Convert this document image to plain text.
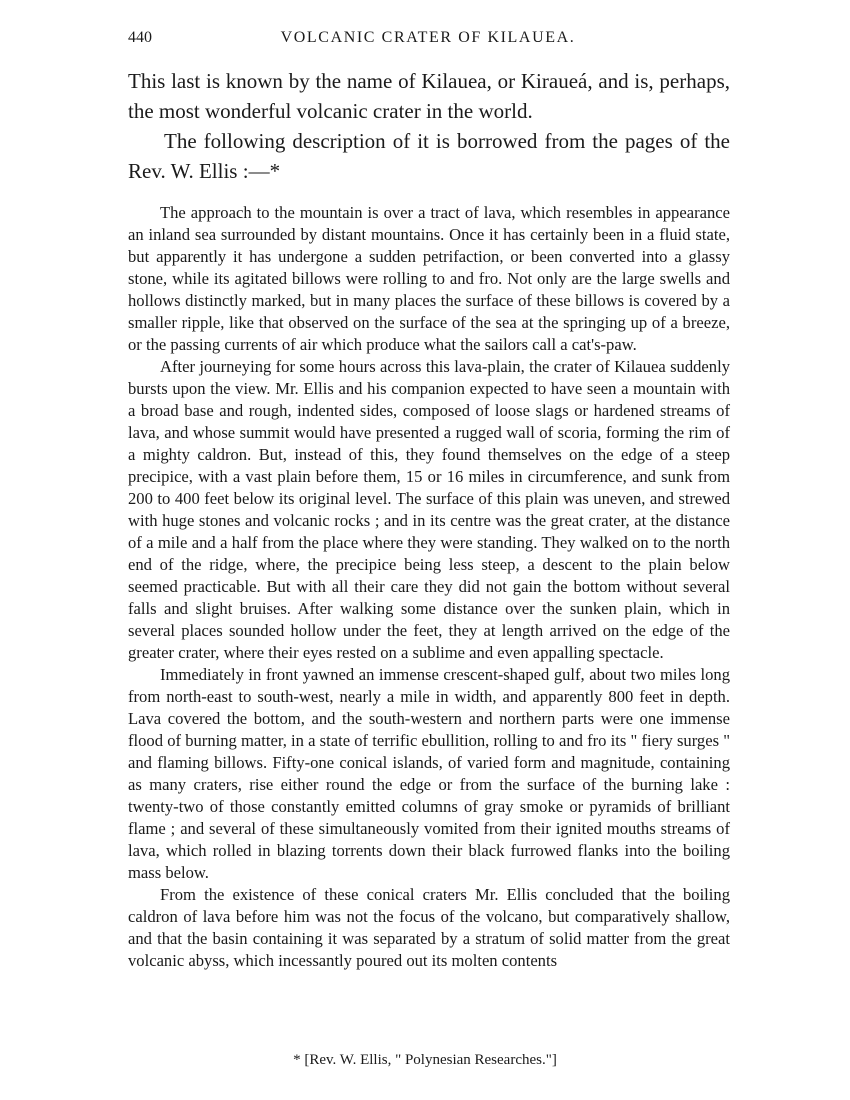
440	VOLCANIC CRATER OF KILAUEA.

This last is known by the name of Kilauea, or Kiraueá, and is, perhaps, the most wonderful volcanic crater in the world.

The following description of it is borrowed from the pages of the Rev. W. Ellis :—*

The approach to the mountain is over a tract of lava, which resembles in appearance an inland sea surrounded by distant mountains. Once it has certainly been in a fluid state, but apparently it has undergone a sudden petrifaction, or been converted into a glassy stone, while its agitated billows were rolling to and fro. Not only are the large swells and hollows distinctly marked, but in many places the surface of these billows is covered by a smaller ripple, like that observed on the surface of the sea at the springing up of a breeze, or the passing currents of air which produce what the sailors call a cat's-paw.

After journeying for some hours across this lava-plain, the crater of Kilauea suddenly bursts upon the view. Mr. Ellis and his companion expected to have seen a mountain with a broad base and rough, indented sides, composed of loose slags or hardened streams of lava, and whose summit would have presented a rugged wall of scoria, forming the rim of a mighty caldron. But, instead of this, they found themselves on the edge of a steep precipice, with a vast plain before them, 15 or 16 miles in circumference, and sunk from 200 to 400 feet below its original level. The surface of this plain was uneven, and strewed with huge stones and volcanic rocks ; and in its centre was the great crater, at the distance of a mile and a half from the place where they were standing. They walked on to the north end of the ridge, where, the precipice being less steep, a descent to the plain below seemed practicable. But with all their care they did not gain the bottom without several falls and slight bruises. After walking some distance over the sunken plain, which in several places sounded hollow under the feet, they at length arrived on the edge of the greater crater, where their eyes rested on a sublime and even appalling spectacle.

Immediately in front yawned an immense crescent-shaped gulf, about two miles long from north-east to south-west, nearly a mile in width, and apparently 800 feet in depth. Lava covered the bottom, and the south-western and northern parts were one immense flood of burning matter, in a state of terrific ebullition, rolling to and fro its " fiery surges " and flaming billows. Fifty-one conical islands, of varied form and magnitude, containing as many craters, rise either round the edge or from the surface of the burning lake : twenty-two of those constantly emitted columns of gray smoke or pyramids of brilliant flame ; and several of these simultaneously vomited from their ignited mouths streams of lava, which rolled in blazing torrents down their black furrowed flanks into the boiling mass below.

From the existence of these conical craters Mr. Ellis concluded that the boiling caldron of lava before him was not the focus of the volcano, but comparatively shallow, and that the basin containing it was separated by a stratum of solid matter from the great volcanic abyss, which incessantly poured out its molten contents

* [Rev. W. Ellis, " Polynesian Researches."]
